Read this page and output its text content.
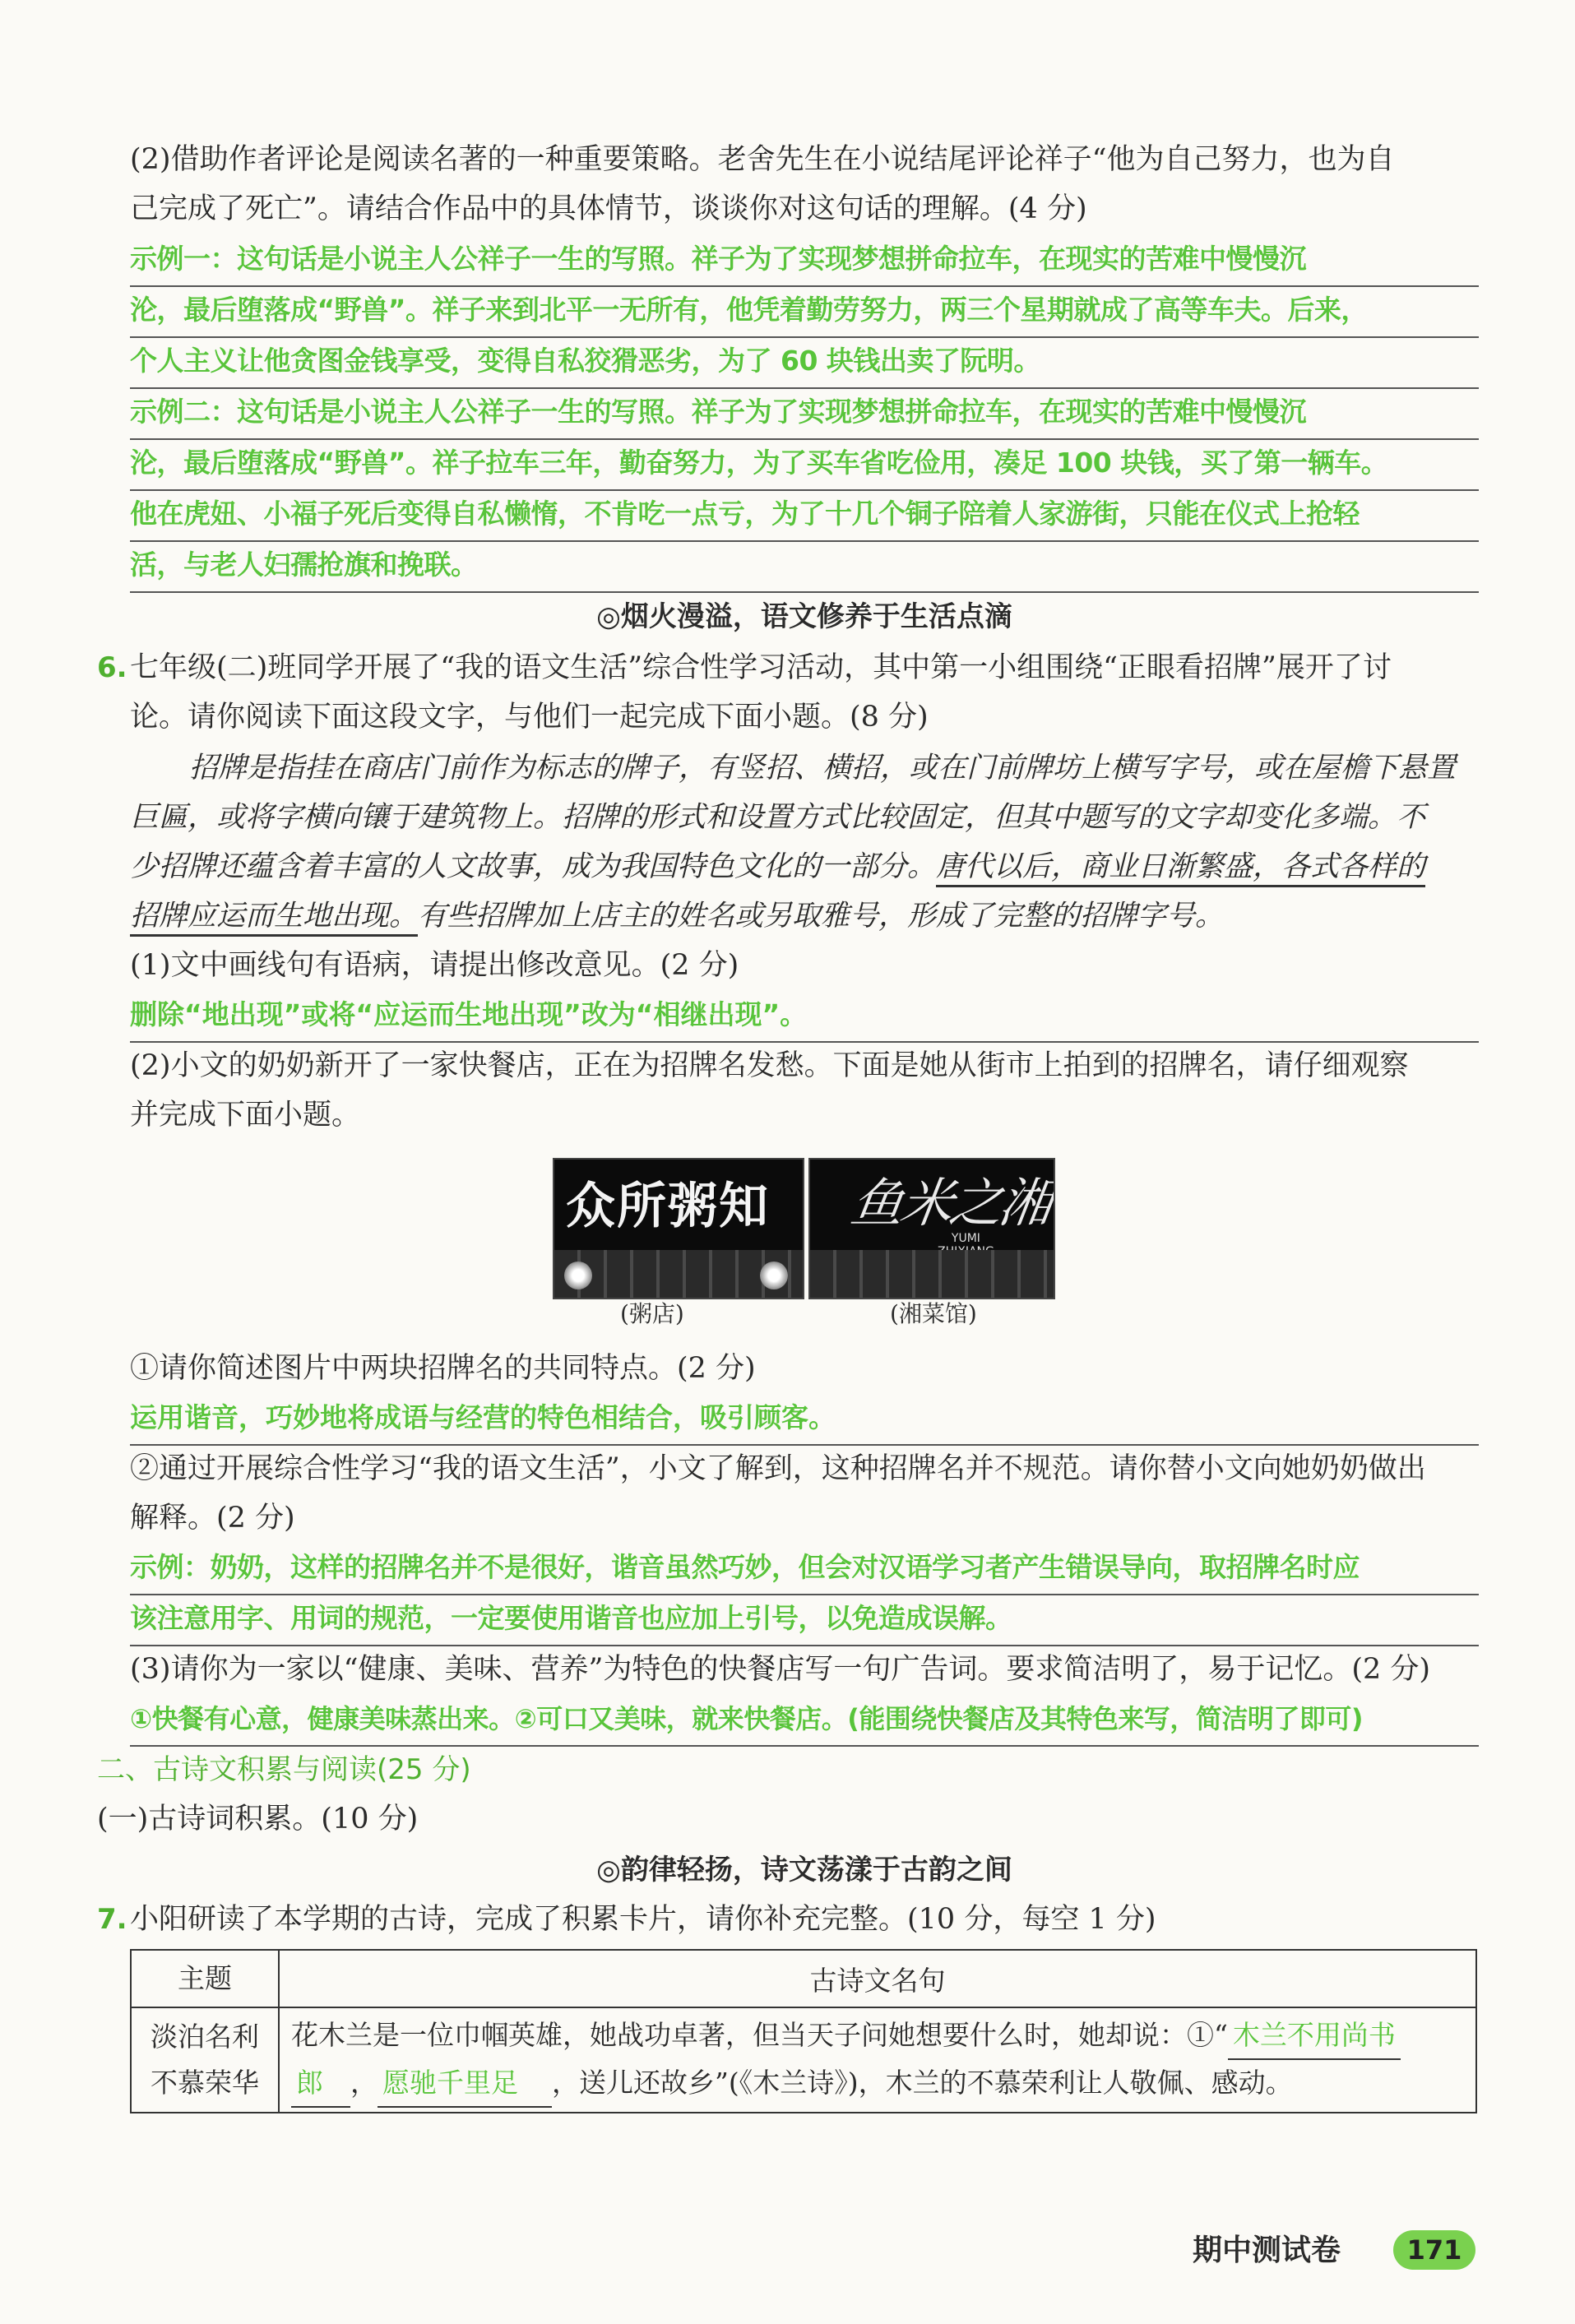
(2)借助作者评论是阅读名著的一种重要策略。老舍先生在小说结尾评论祥子“他为自己努力，也为自
己完成了死亡”。请结合作品中的具体情节，谈谈你对这句话的理解。(4 分)
示例一：这句话是小说主人公祥子一生的写照。祥子为了实现梦想拼命拉车，在现实的苦难中慢慢沉
沦，最后堕落成“野兽”。祥子来到北平一无所有，他凭着勤劳努力，两三个星期就成了高等车夫。后来，
个人主义让他贪图金钱享受，变得自私狡猾恶劣，为了 60 块钱出卖了阮明。
示例二：这句话是小说主人公祥子一生的写照。祥子为了实现梦想拼命拉车，在现实的苦难中慢慢沉
沦，最后堕落成“野兽”。祥子拉车三年，勤奋努力，为了买车省吃俭用，凑足 100 块钱，买了第一辆车。
他在虎妞、小福子死后变得自私懒惰，不肯吃一点亏，为了十几个铜子陪着人家游街，只能在仪式上抢轻
活，与老人妇孺抢旗和挽联。
◎烟火漫溢，语文修养于生活点滴
6. 七年级(二)班同学开展了“我的语文生活”综合性学习活动，其中第一小组围绕“正眼看招牌”展开了讨
论。请你阅读下面这段文字，与他们一起完成下面小题。(8 分)
招牌是指挂在商店门前作为标志的牌子，有竖招、横招，或在门前牌坊上横写字号，或在屋檐下悬置
巨匾，或将字横向镶于建筑物上。招牌的形式和设置方式比较固定，但其中题写的文字却变化多端。不
少招牌还蕴含着丰富的人文故事，成为我国特色文化的一部分。唐代以后，商业日渐繁盛，各式各样的
招牌应运而生地出现。有些招牌加上店主的姓名或另取雅号，形成了完整的招牌字号。
(1)文中画线句有语病，请提出修改意见。(2 分)
删除“地出现”或将“应运而生地出现”改为“相继出现”。
(2)小文的奶奶新开了一家快餐店，正在为招牌名发愁。下面是她从街市上拍到的招牌名，请仔细观察
并完成下面小题。
众所粥知	鱼米之湘
YUMI

(粥店)	(湘菜馆)
①请你简述图片中两块招牌名的共同特点。(2 分)
运用谐音，巧妙地将成语与经营的特色相结合，吸引顾客。
②通过开展综合性学习“我的语文生活”，小文了解到，这种招牌名并不规范。请你替小文向她奶奶做出
解释。(2 分)
示例：奶奶，这样的招牌名并不是很好，谐音虽然巧妙，但会对汉语学习者产生错误导向，取招牌名时应
该注意用字、用词的规范，一定要使用谐音也应加上引号，以免造成误解。
(3)请你为一家以“健康、美味、营养”为特色的快餐店写一句广告词。要求简洁明了，易于记忆。(2 分)
①快餐有心意，健康美味蒸出来。②可口又美味，就来快餐店。(能围绕快餐店及其特色来写，简洁明了即可)
二、古诗文积累与阅读(25 分)
(一)古诗词积累。(10 分)
◎韵律轻扬，诗文荡漾于古韵之间
7. 小阳研读了本学期的古诗，完成了积累卡片，请你补充完整。(10 分，每空 1 分)
主题	古诗文名句
淡泊名利
不慕荣华	花木兰是一位巾帼英雄，她战功卓著，但当天子问她想要什么时，她却说：①“ 木兰不用尚书
郎 ， 愿驰千里足 ，送儿还故乡”(《木兰诗》)，木兰的不慕荣利让人敬佩、感动。
期中测试卷	171
